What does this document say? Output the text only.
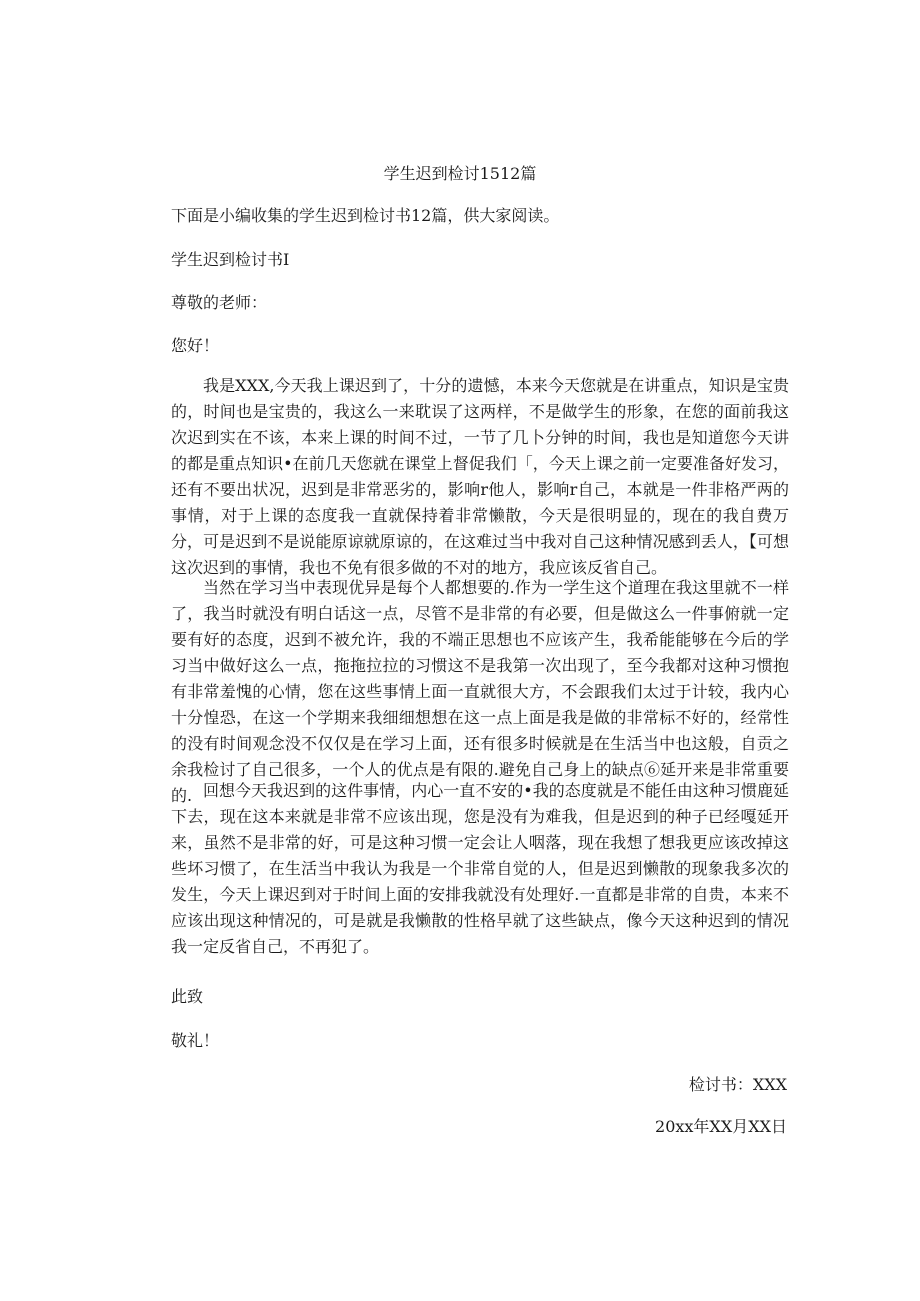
学生迟到检讨1512篇
下面是小编收集的学生迟到检讨书12篇，供大家阅读。
学生迟到检讨书I
尊敬的老师：
您好！
我是XXX,今天我上课迟到了，十分的遗憾，本来今天您就是在讲重点，知识是宝贵的，时间也是宝贵的，我这么一来耽误了这两样，不是做学生的形象，在您的面前我这次迟到实在不该，本来上课的时间不过，一节了几卜分钟的时间，我也是知道您今天讲的都是重点知识•在前几天您就在课堂上督促我们「，今天上课之前一定要准备好发习，还有不要出状况，迟到是非常恶劣的，影响r他人，影响r自己，本就是一件非格严两的事情，对于上课的态度我一直就保持着非常懒散，今天是很明显的，现在的我自费万分，可是迟到不是说能原谅就原谅的，在这难过当中我对自己这种情况感到丢人，【可想这次迟到的事情，我也不免有很多做的不对的地方，我应该反省自己。
当然在学习当中表现优异是每个人都想要的.作为一学生这个道理在我这里就不一样了，我当时就没有明白话这一点，尽管不是非常的有必要，但是做这么一件事俯就一定要有好的态度，迟到不被允许，我的不端正思想也不应该产生，我希能能够在今后的学习当中做好这么一点，拖拖拉拉的习惯这不是我第一次出现了，至今我都对这种习惯抱有非常羞愧的心情，您在这些事情上面一直就很大方，不会跟我们太过于计较，我内心十分惶恐，在这一个学期来我细细想想在这一点上面是我是做的非常标不好的，经常性的没有时间观念没不仅仅是在学习上面，还有很多时候就是在生活当中也这般，自贡之余我检讨了自己很多，一个人的优点是有限的.避免自己身上的缺点⑥延开来是非常重要的. 回想今天我迟到的这件事情，内心一直不安的•我的态度就是不能任由这种习惯鹿延下去，现在这本来就是非常不应该出现，您是没有为难我，但是迟到的种子已经嘎延开来，虽然不是非常的好，可是这种习惯一定会让人咽落，现在我想了想我更应该改掉这些坏习惯了，在生活当中我认为我是一个非常自觉的人，但是迟到懒散的现象我多次的发生，今天上课迟到对于时间上面的安排我就没有处理好.一直都是非常的自贵，本来不应该出现这种情况的，可是就是我懒散的性格早就了这些缺点，像今天这种迟到的情况我一定反省自己，不再犯了。
此致
敬礼！
检讨书：XXX
20xx年XX月XX日
